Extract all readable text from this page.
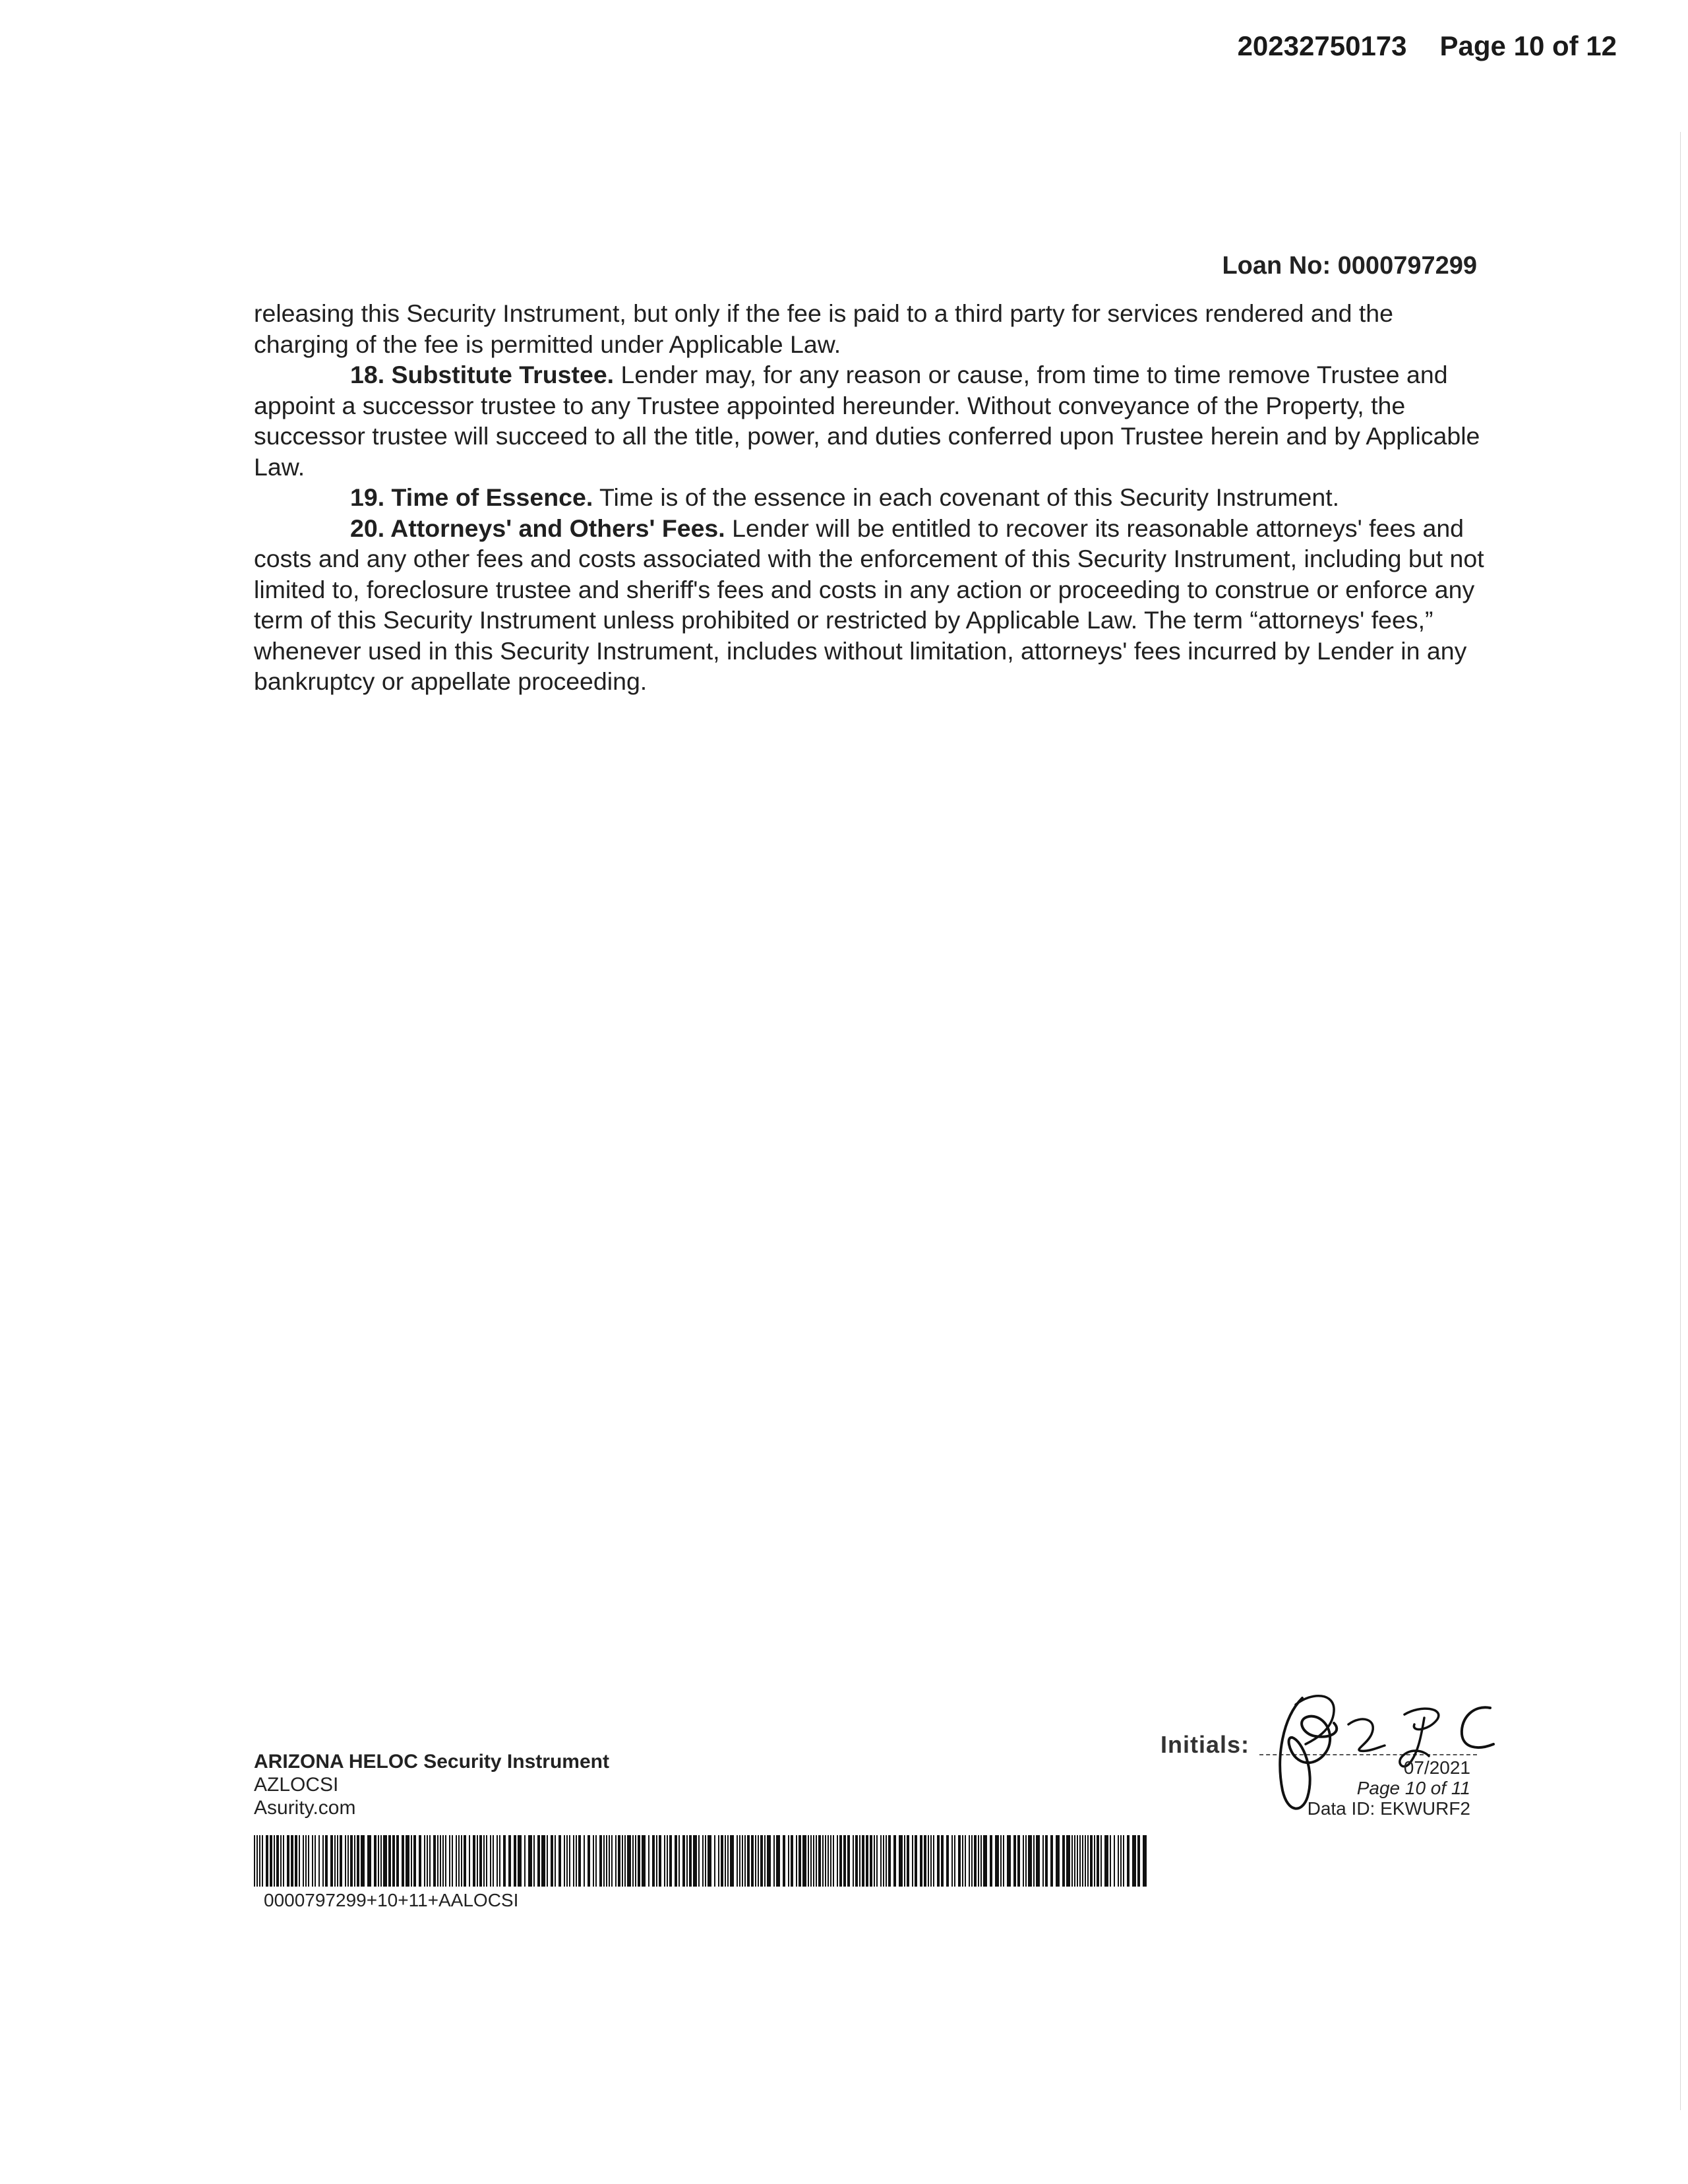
20232750173 Page 10 of 12
Loan No: 0000797299

releasing this Security Instrument, but only if the fee is paid to a third party for services rendered and the charging of the fee is permitted under Applicable Law.

18. Substitute Trustee. Lender may, for any reason or cause, from time to time remove Trustee and appoint a successor trustee to any Trustee appointed hereunder. Without conveyance of the Property, the successor trustee will succeed to all the title, power, and duties conferred upon Trustee herein and by Applicable Law.

19. Time of Essence. Time is of the essence in each covenant of this Security Instrument.

20. Attorneys' and Others' Fees. Lender will be entitled to recover its reasonable attorneys' fees and costs and any other fees and costs associated with the enforcement of this Security Instrument, including but not limited to, foreclosure trustee and sheriff's fees and costs in any action or proceeding to construe or enforce any term of this Security Instrument unless prohibited or restricted by Applicable Law. The term “attorneys' fees,” whenever used in this Security Instrument, includes without limitation, attorneys' fees incurred by Lender in any bankruptcy or appellate proceeding.

ARIZONA HELOC Security Instrument
AZLOCSI
Asurity.com
0000797299+10+11+AALOCSI
Initials:
07/2021
Page 10 of 11
Data ID: EKWURF2
